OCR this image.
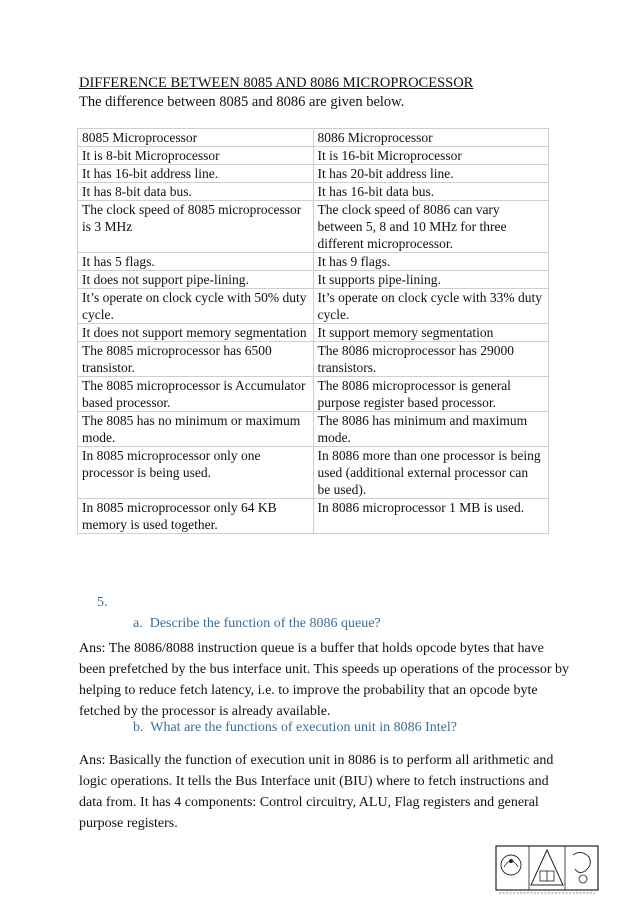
DIFFERENCE BETWEEN 8085 AND 8086 MICROPROCESSOR
The difference between 8085 and 8086 are given below.
8085 Microprocessor	8086 Microprocessor
It is 8-bit Microprocessor	It is 16-bit Microprocessor
It has 16-bit address line.	It has 20-bit address line.
It has 8-bit data bus.	It has 16-bit data bus.
The clock speed of 8085 microprocessor is 3 MHz	The clock speed of 8086 can vary between 5, 8 and 10 MHz for three different microprocessor.
It has 5 flags.	It has 9 flags.
It does not support pipe-lining.	It supports pipe-lining.
It’s operate on clock cycle with 50% duty cycle.	It’s operate on clock cycle with 33% duty cycle.
It does not support memory segmentation	It support memory segmentation
The 8085 microprocessor has 6500 transistor.	The 8086 microprocessor has 29000 transistors.
The 8085 microprocessor is Accumulator based processor.	The 8086 microprocessor is general purpose register based processor.
The 8085 has no minimum or maximum mode.	The 8086 has minimum and maximum mode.
In 8085 microprocessor only one processor is being used.	In 8086 more than one processor is being used (additional external processor can be used).
In 8085 microprocessor only 64 KB memory is used together.	In 8086 microprocessor 1 MB is used.
5.
a. Describe the function of the 8086 queue?
Ans: The 8086/8088 instruction queue is a buffer that holds opcode bytes that have been prefetched by the bus interface unit. This speeds up operations of the processor by helping to reduce fetch latency, i.e. to improve the probability that an opcode byte fetched by the processor is already available.
b. What are the functions of execution unit in 8086 Intel?
Ans: Basically the function of execution unit in 8086 is to perform all arithmetic and logic operations. It tells the Bus Interface unit (BIU) where to fetch instructions and data from. It has 4 components: Control circuitry, ALU, Flag registers and general purpose registers.
